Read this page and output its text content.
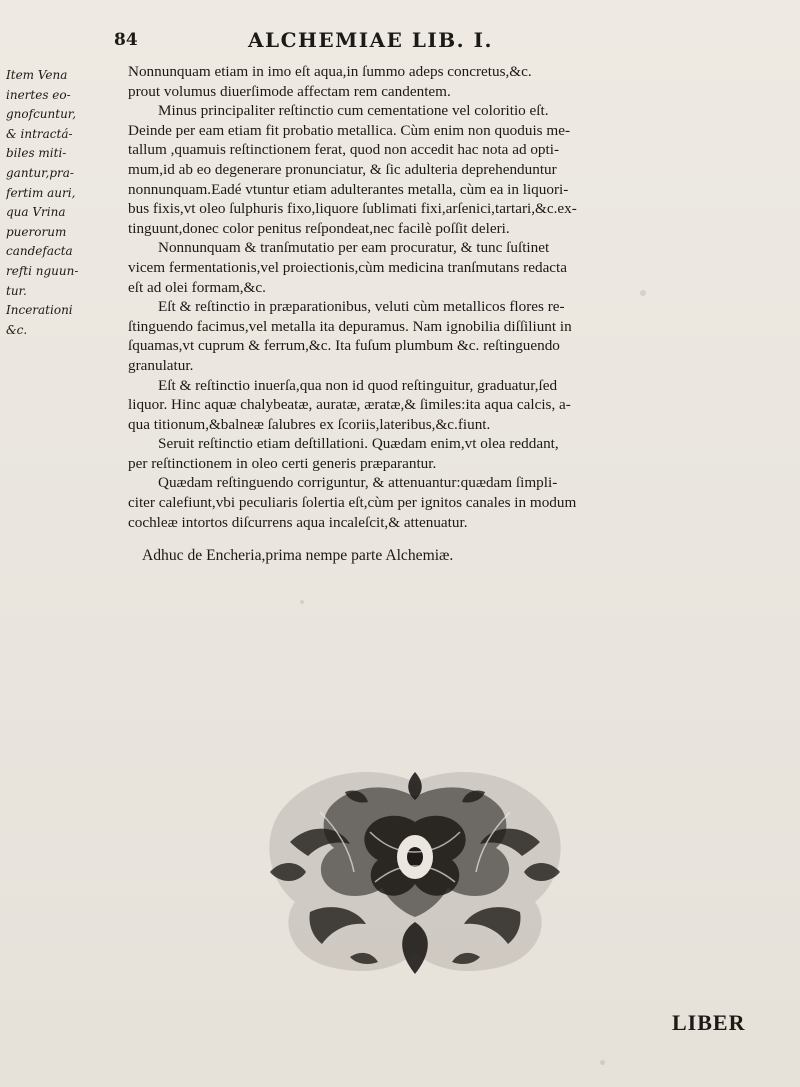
84	ALCHEMIAE LIB. I.
Item Vena
inertes eo-
gnofcuntur,
& intractá-
biles miti-
gantur,pra-
fertim auri,
qua Vrina
puerorum
candefacta
refti nguun-
tur.
Incerationi
&c.
Nonnunquam etiam in imo eſt aqua,in ſummo adeps concretus,&c.
prout volumus diuerſimode affectam rem candentem.
Minus principaliter reſtinctio cum cementatione vel coloritio eſt.
Deinde per eam etiam fit probatio metallica. Cùm enim non quoduis me-
tallum ,quamuis reſtinctionem ferat, quod non accedit hac nota ad opti-
mum,id ab eo degenerare pronunciatur, & ſic adulteria deprehenduntur
nonnunquam.Eadé vtuntur etiam adulterantes metalla, cùm ea in liquori-
bus fixis,vt oleo ſulphuris fixo,liquore ſublimati fixi,arſenici,tartari,&c.ex-
tinguunt,donec color penitus reſpondeat,nec facilè poſſit deleri.
Nonnunquam & tranſmutatio per eam procuratur, & tunc ſuſtinet
vicem fermentationis,vel proiectionis,cùm medicina tranſmutans redacta
eſt ad olei formam,&c.
Eſt & reſtinctio in præparationibus, veluti cùm metallicos flores re-
ſtinguendo facimus,vel metalla ita depuramus. Nam ignobilia diſſiliunt in
ſquamas,vt cuprum & ferrum,&c. Ita fuſum plumbum &c. reſtinguendo
granulatur.
Eſt & reſtinctio inuerſa,qua non id quod reſtinguitur, graduatur,ſed
liquor. Hinc aquæ chalybeatæ, auratæ, æratæ,& ſimiles:ita aqua calcis, a-
qua titionum,&balneæ ſalubres ex ſcoriis,lateribus,&c.fiunt.
Seruit reſtinctio etiam deſtillationi. Quædam enim,vt olea reddant,
per reſtinctionem in oleo certi generis præparantur.
Quædam reſtinguendo corriguntur, & attenuantur:quædam ſimpli-
citer calefiunt,vbi peculiaris ſolertia eſt,cùm per ignitos canales in modum
cochleæ intortos diſcurrens aqua incaleſcit,& attenuatur.
Adhuc de Encheria,prima nempe parte Alchemiæ.
LIBER
